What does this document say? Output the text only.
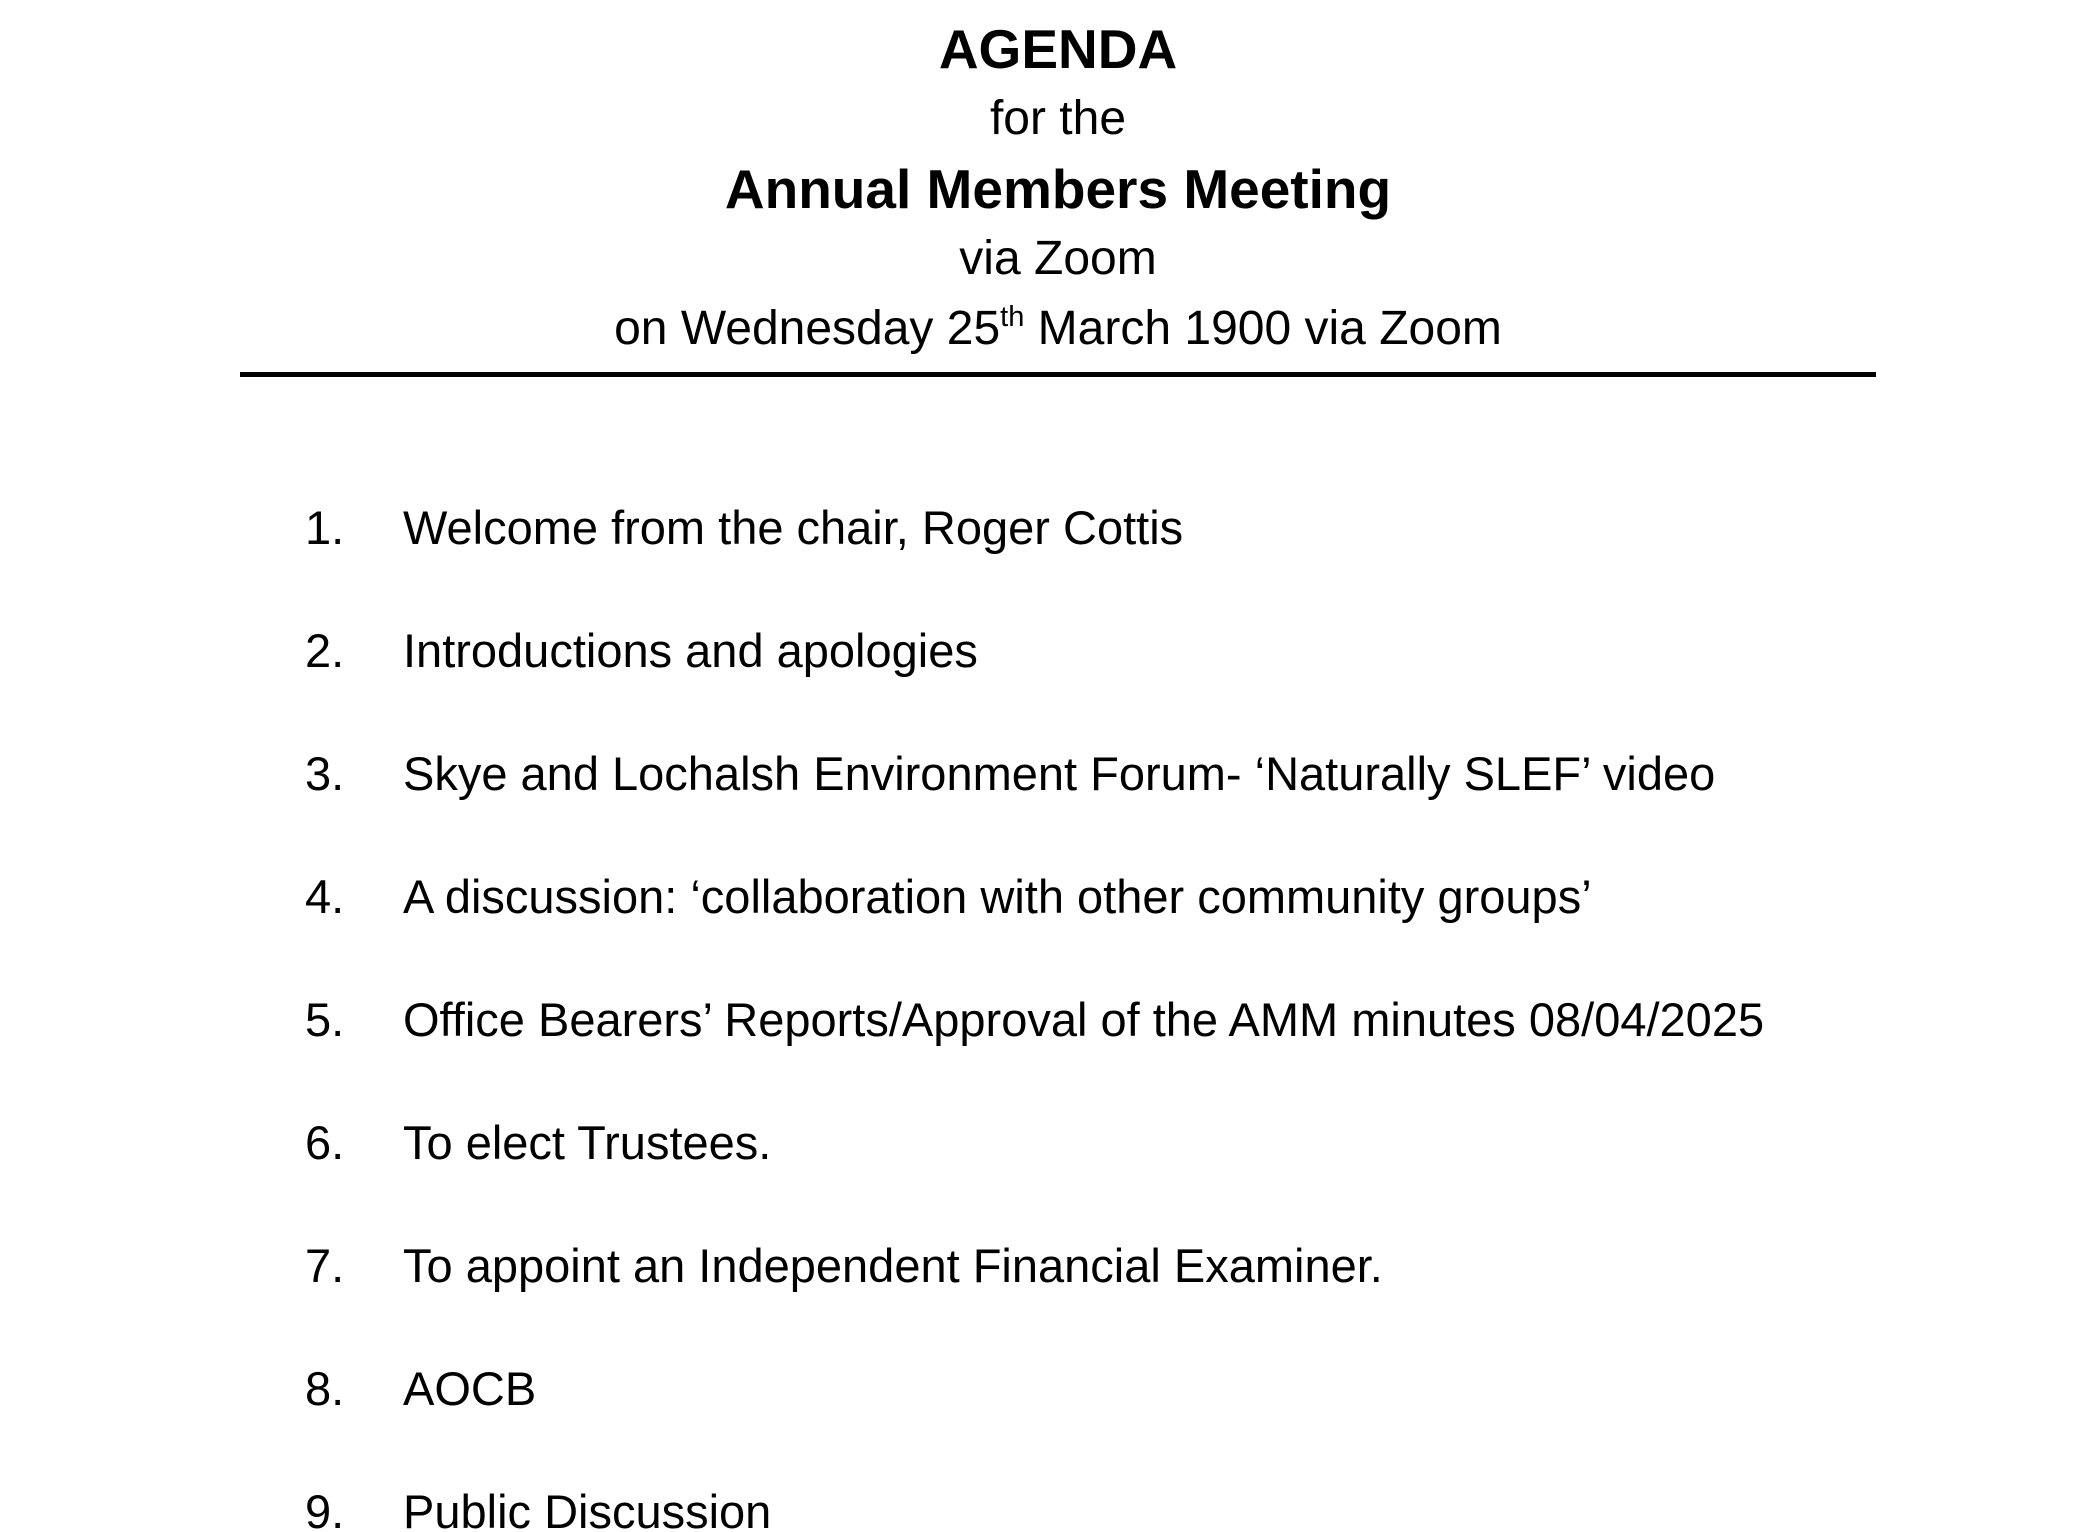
AGENDA
for the
Annual Members Meeting
via Zoom
on Wednesday 25th March 1900 via Zoom
1.	Welcome from the chair, Roger Cottis
2.	Introductions and apologies
3.	Skye and Lochalsh Environment Forum- ‘Naturally SLEF’ video
4.	A discussion: ‘collaboration with other community groups’
5.	Office Bearers’ Reports/Approval of the AMM minutes 08/04/2025
6.	To elect Trustees.
7.	To appoint an Independent Financial Examiner.
8.	AOCB
9.	Public Discussion
